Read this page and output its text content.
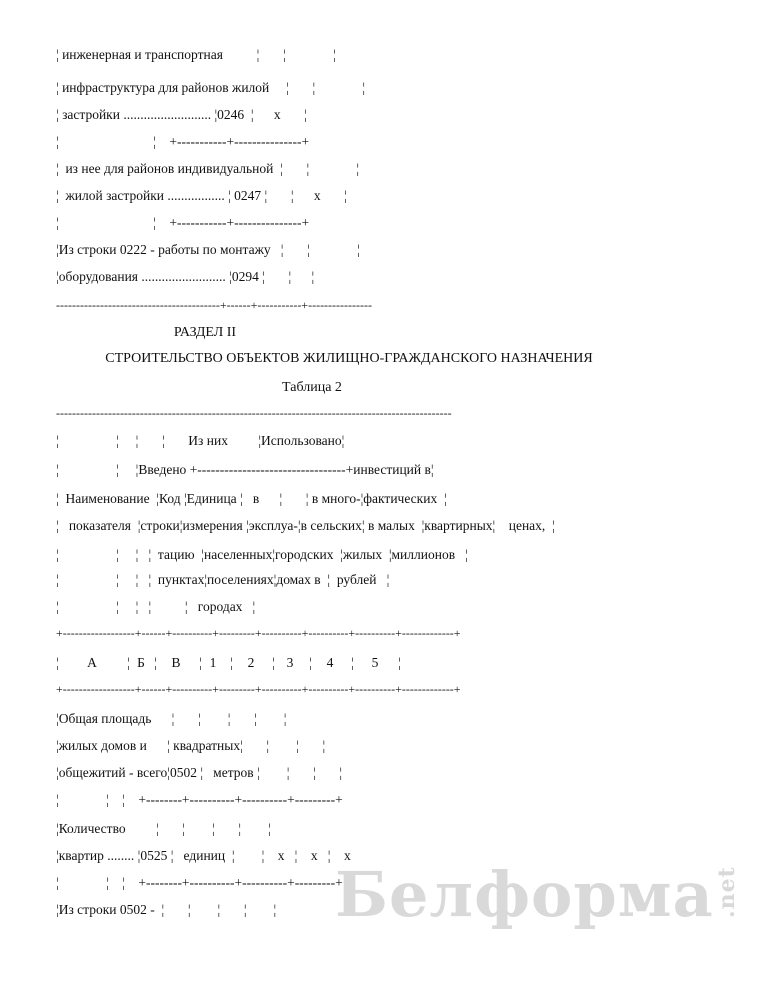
¦ инженерная и транспортная          ¦       ¦              ¦
¦ инфраструктура для районов жилой     ¦       ¦              ¦
¦ застройки .......................... ¦0246  ¦      х       ¦
¦                            ¦    +-----------+---------------+
¦  из нее для районов индивидуальной  ¦       ¦              ¦
¦  жилой застройки ................. ¦ 0247 ¦       ¦      х       ¦
¦                            ¦    +-----------+---------------+
¦Из строки 0222 - работы по монтажу   ¦       ¦              ¦
¦оборудования ......................... ¦0294 ¦       ¦      ¦
-----------------------------------------+------+-----------+----------------
РАЗДЕЛ II
СТРОИТЕЛЬСТВО ОБЪЕКТОВ ЖИЛИЩНО-ГРАЖДАНСКОГО НАЗНАЧЕНИЯ
Таблица 2
---------------------------------------------------------------------------------------------------
¦                 ¦     ¦       ¦       Из них         ¦Использовано¦
¦                 ¦     ¦Введено +---------------------------------+инвестиций в¦
¦  Наименование  ¦Код ¦Единица ¦   в      ¦       ¦ в много-¦фактических  ¦
¦   показателя  ¦строки¦измерения ¦эксплуа-¦в сельских¦ в малых  ¦квартирных¦    ценах,  ¦
¦                 ¦     ¦   ¦  тацию  ¦населенных¦городских  ¦жилых  ¦миллионов   ¦
¦                 ¦     ¦   ¦  пунктах¦поселениях¦домах в  ¦  рублей   ¦
¦                 ¦     ¦   ¦          ¦   городах   ¦
+------------------+------+----------+---------+----------+----------+----------+-------------+
¦ А ¦ Б ¦ В ¦ 1 ¦ 2 ¦ 3 ¦ 4 ¦ 5 ¦
+------------------+------+----------+---------+----------+----------+----------+-------------+
¦Общая площадь      ¦       ¦        ¦       ¦        ¦
¦жилых домов и      ¦ квадратных¦       ¦        ¦       ¦
¦общежитий - всего¦0502 ¦   метров ¦        ¦       ¦       ¦
¦              ¦    ¦    +--------+----------+----------+---------+
¦Количество         ¦       ¦        ¦       ¦        ¦
¦квартир ........ ¦0525 ¦   единиц  ¦        ¦    х   ¦    х   ¦    х
¦              ¦    ¦    +--------+----------+----------+---------+
¦Из строки 0502 -  ¦       ¦        ¦       ¦        ¦ Белформа.net
